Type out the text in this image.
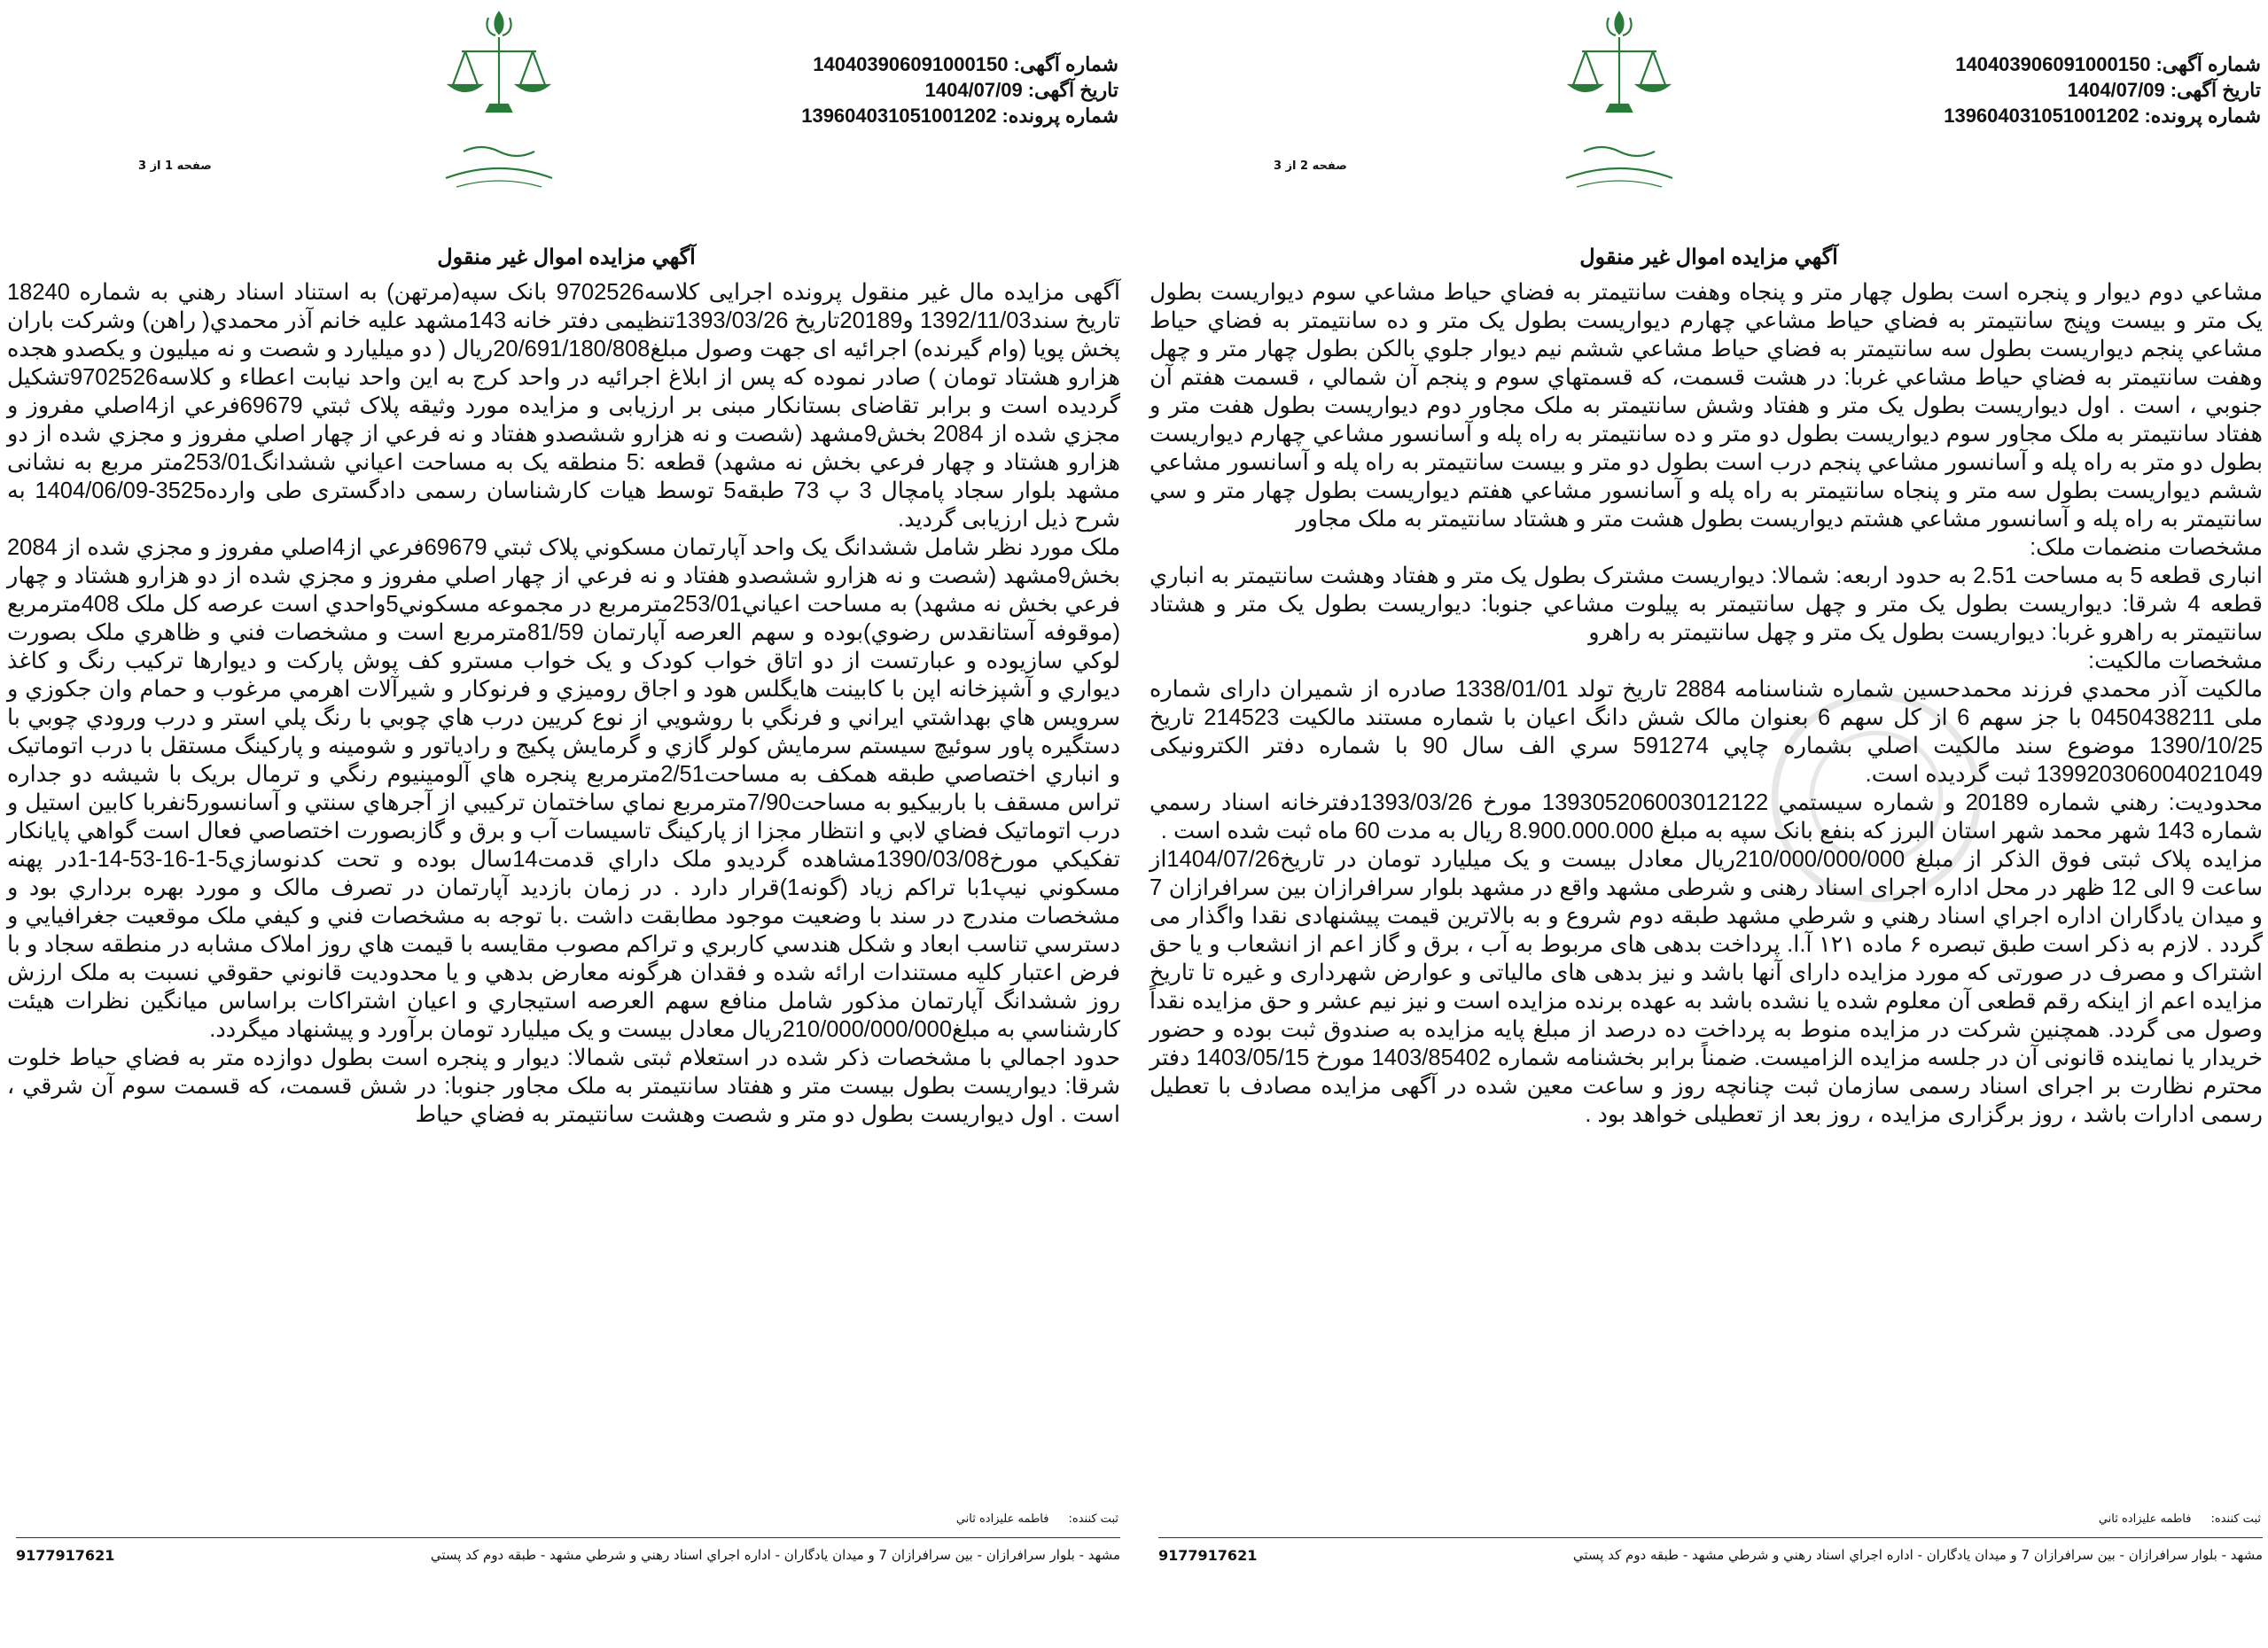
شماره آگهی:140403906091000150
تاریخ آگهی:1404/07/09
شماره پرونده:139604031051001202
صفحه 2 از 3
آگهي مزايده اموال غير منقول

مشاعي دوم ديوار و پنجره است بطول چهار متر و پنجاه وهفت سانتيمتر به فضاي حياط مشاعي سوم ديواريست بطول يک متر و بيست وپنج سانتيمتر به فضاي حياط مشاعي چهارم ديواريست بطول يک متر و ده سانتيمتر به فضاي حياط مشاعي پنجم ديواريست بطول سه سانتيمتر به فضاي حياط مشاعي ششم نيم ديوار جلوي بالکن بطول چهار متر و چهل وهفت سانتيمتر به فضاي حياط مشاعي غربا: در هشت قسمت، که قسمتهاي سوم و پنجم آن شمالي ، قسمت هفتم آن جنوبي ، است . اول ديواريست بطول يک متر و هفتاد وشش سانتيمتر به ملک مجاور دوم ديواريست بطول هفت متر و هفتاد سانتيمتر به ملک مجاور سوم ديواريست بطول دو متر و ده سانتيمتر به راه پله و آسانسور مشاعي چهارم ديواريست بطول دو متر به راه پله و آسانسور مشاعي پنجم درب است بطول دو متر و بيست سانتيمتر به راه پله و آسانسور مشاعي ششم ديواريست بطول سه متر و پنجاه سانتيمتر به راه پله و آسانسور مشاعي هفتم ديواريست بطول چهار متر و سي سانتيمتر به راه پله و آسانسور مشاعي هشتم ديواريست بطول هشت متر و هشتاد سانتيمتر به ملک مجاور

مشخصات منضمات ملک:

انباری قطعه 5 به مساحت 2.51 به حدود اربعه: شمالا: ديواريست مشترک بطول يک متر و هفتاد وهشت سانتيمتر به انباري قطعه 4 شرقا: ديواريست بطول يک متر و چهل سانتيمتر به پيلوت مشاعي جنوبا: ديواريست بطول يک متر و هشتاد سانتيمتر به راهرو غربا: ديواريست بطول يک متر و چهل سانتيمتر به راهرو

مشخصات مالکيت:

مالکيت آذر محمدي فرزند محمدحسين شماره شناسنامه 2884 تاريخ تولد 1338/01/01 صادره از شميران دارای شماره ملی 0450438211 با جز سهم 6 از کل سهم 6 بعنوان مالک شش دانگ اعيان با شماره مستند مالکيت 214523 تاريخ 1390/10/25 موضوع سند مالکيت اصلي بشماره چاپي 591274 سري الف سال 90 با شماره دفتر الکترونيکی 139920306004021049 ثبت گرديده است.

محدوديت: رهني شماره 20189 و شماره سيستمي 139305206003012122 مورخ 1393/03/26دفترخانه اسناد رسمي شماره 143 شهر محمد شهر استان البرز که بنفع بانک سپه به مبلغ 8.900.000.000 ريال به مدت 60 ماه ثبت شده است .

مزايده پلاک ثبتی فوق الذکر از مبلغ 210/000/000/000ريال معادل بيست و يک ميليارد تومان در تاريخ1404/07/26از ساعت 9 الی 12 ظهر در محل اداره اجرای اسناد رهنی و شرطی مشهد واقع در مشهد بلوار سرافرازان بين سرافرازان 7 و ميدان يادگاران اداره اجراي اسناد رهني و شرطي مشهد طبقه دوم شروع و به بالاترين قيمت پيشنهادی نقدا واگذار می گردد . لازم به ذکر است طبق تبصره ۶ ماده ۱۲۱ آ.ا. پرداخت بدهی های مربوط به آب ، برق و گاز اعم از انشعاب و يا حق اشتراک و مصرف در صورتی که مورد مزايده دارای آنها باشد و نيز بدهی های مالياتی و عوارض شهرداری و غيره تا تاريخ مزايده اعم از اينکه رقم قطعی آن معلوم شده يا نشده باشد به عهده برنده مزايده است و نيز نيم عشر و حق مزايده نقداً وصول می گردد. همچنين شرکت در مزايده منوط به پرداخت ده درصد از مبلغ پايه مزايده به صندوق ثبت بوده و حضور خريدار يا نماينده قانونی آن در جلسه مزايده الزاميست. ضمناً برابر بخشنامه شماره 1403/85402 مورخ 1403/05/15 دفتر محترم نظارت بر اجرای اسناد رسمی سازمان ثبت چنانچه روز و ساعت معين شده در آگهی مزايده مصادف با تعطيل رسمی ادارات باشد ، روز برگزاری مزايده ، روز بعد از تعطيلی خواهد بود .

ثبت کننده:فاطمه عليزاده ثاني
مشهد - بلوار سرافرازان - بين سرافرازان 7 و ميدان يادگاران - اداره اجراي اسناد رهني و شرطي مشهد - طبقه دوم کد پستي
9177917621
شماره آگهی:140403906091000150
تاریخ آگهی:1404/07/09
شماره پرونده:139604031051001202
صفحه 1 از 3
آگهي مزايده اموال غير منقول

آگهی مزايده مال غير منقول پرونده اجرايی کلاسه9702526 بانک سپه(مرتهن) به استناد اسناد رهني به شماره 18240 تاريخ سند1392/11/03 و20189تاريخ 1393/03/26تنظيمی دفتر خانه 143مشهد عليه خانم آذر محمدي( راهن) وشرکت باران پخش پويا (وام گيرنده) اجرائيه ای جهت وصول مبلغ20/691/180/808ريال ( دو ميليارد و شصت و نه ميليون و يکصدو هجده هزارو هشتاد تومان ) صادر نموده که پس از ابلاغ اجرائيه در واحد کرج به اين واحد نيابت اعطاء و کلاسه9702526تشکيل گرديده است و برابر تقاضای بستانکار مبنی بر ارزيابی و مزايده مورد وثيقه پلاک ثبتي 69679فرعي از4اصلي مفروز و مجزي شده از 2084 بخش9مشهد (شصت و نه هزارو ششصدو هفتاد و نه فرعي از چهار اصلي مفروز و مجزي شده از دو هزارو هشتاد و چهار فرعي بخش نه مشهد) قطعه :5 منطقه يک به مساحت اعياني ششدانگ253/01متر مربع به نشانی مشهد بلوار سجاد پامچال 3 پ 73 طبقه5 توسط هيات کارشناسان رسمی دادگستری طی وارده3525-1404/06/09 به شرح ذيل ارزيابی گرديد.

ملک مورد نظر شامل ششدانگ يک واحد آپارتمان مسکوني پلاک ثبتي 69679فرعي از4اصلي مفروز و مجزي شده از 2084 بخش9مشهد (شصت و نه هزارو ششصدو هفتاد و نه فرعي از چهار اصلي مفروز و مجزي شده از دو هزارو هشتاد و چهار فرعي بخش نه مشهد) به مساحت اعياني253/01مترمربع در مجموعه مسکوني5واحدي است عرصه کل ملک 408مترمربع (موقوفه آستانقدس رضوي)بوده و سهم العرصه آپارتمان 81/59مترمربع است و مشخصات فني و ظاهري ملک بصورت لوکي سازيوده و عبارتست از دو اتاق خواب کودک و يک خواب مسترو کف پوش پارکت و ديوارها ترکيب رنگ و کاغذ ديواري و آشپزخانه اپن با کابينت هايگلس هود و اجاق روميزي و فرنوکار و شيرآلات اهرمي مرغوب و حمام وان جکوزي و سرويس هاي بهداشتي ايراني و فرنگي با روشويي از نوع کريين درب هاي چوبي با رنگ پلي استر و درب ورودي چوبي با دستگيره پاور سوئيچ سيستم سرمايش کولر گازي و گرمايش پکيج و رادياتور و شومينه و پارکينگ مستقل با درب اتوماتيک و انباري اختصاصي طبقه همکف به مساحت2/51مترمربع پنجره هاي آلومينيوم رنگي و ترمال بريک با شيشه دو جداره تراس مسقف با باربيکيو به مساحت7/90مترمربع نماي ساختمان ترکيبي از آجرهاي سنتي و آسانسور5نفربا کابين استيل و درب اتوماتيک فضاي لابي و انتظار مجزا از پارکينگ تاسيسات آب و برق و گازبصورت اختصاصي فعال است گواهي پايانکار تفکيکي مورخ1390/03/08مشاهده گرديدو ملک داراي قدمت14سال بوده و تحت کدنوسازي5-1-16-53-14-1در پهنه مسکوني نيپ1با تراکم زياد (گونه1)قرار دارد . در زمان بازديد آپارتمان در تصرف مالک و مورد بهره برداري بود و مشخصات مندرج در سند با وضعيت موجود مطابقت داشت .با توجه به مشخصات فني و کيفي ملک موقعيت جغرافيايي و دسترسي تناسب ابعاد و شکل هندسي کاربري و تراکم مصوب مقايسه با قيمت هاي روز املاک مشابه در منطقه سجاد و با فرض اعتبار کليه مستندات ارائه شده و فقدان هرگونه معارض بدهي و يا محدوديت قانوني حقوقي نسبت به ملک ارزش روز ششدانگ آپارتمان مذکور شامل منافع سهم العرصه استيجاري و اعيان اشتراکات براساس ميانگين نظرات هيئت کارشناسي به مبلغ210/000/000/000ريال معادل بيست و يک ميليارد تومان برآورد و پيشنهاد ميگردد.

حدود اجمالي با مشخصات ذکر شده در استعلام ثبتی شمالا: ديوار و پنجره است بطول دوازده متر به فضاي حياط خلوت شرقا: ديواريست بطول بيست متر و هفتاد سانتيمتر به ملک مجاور جنوبا: در شش قسمت، که قسمت سوم آن شرقي ، است . اول ديواريست بطول دو متر و شصت وهشت سانتيمتر به فضاي حياط

ثبت کننده:فاطمه عليزاده ثاني
مشهد - بلوار سرافرازان - بين سرافرازان 7 و ميدان يادگاران - اداره اجراي اسناد رهني و شرطي مشهد - طبقه دوم کد پستي
9177917621
